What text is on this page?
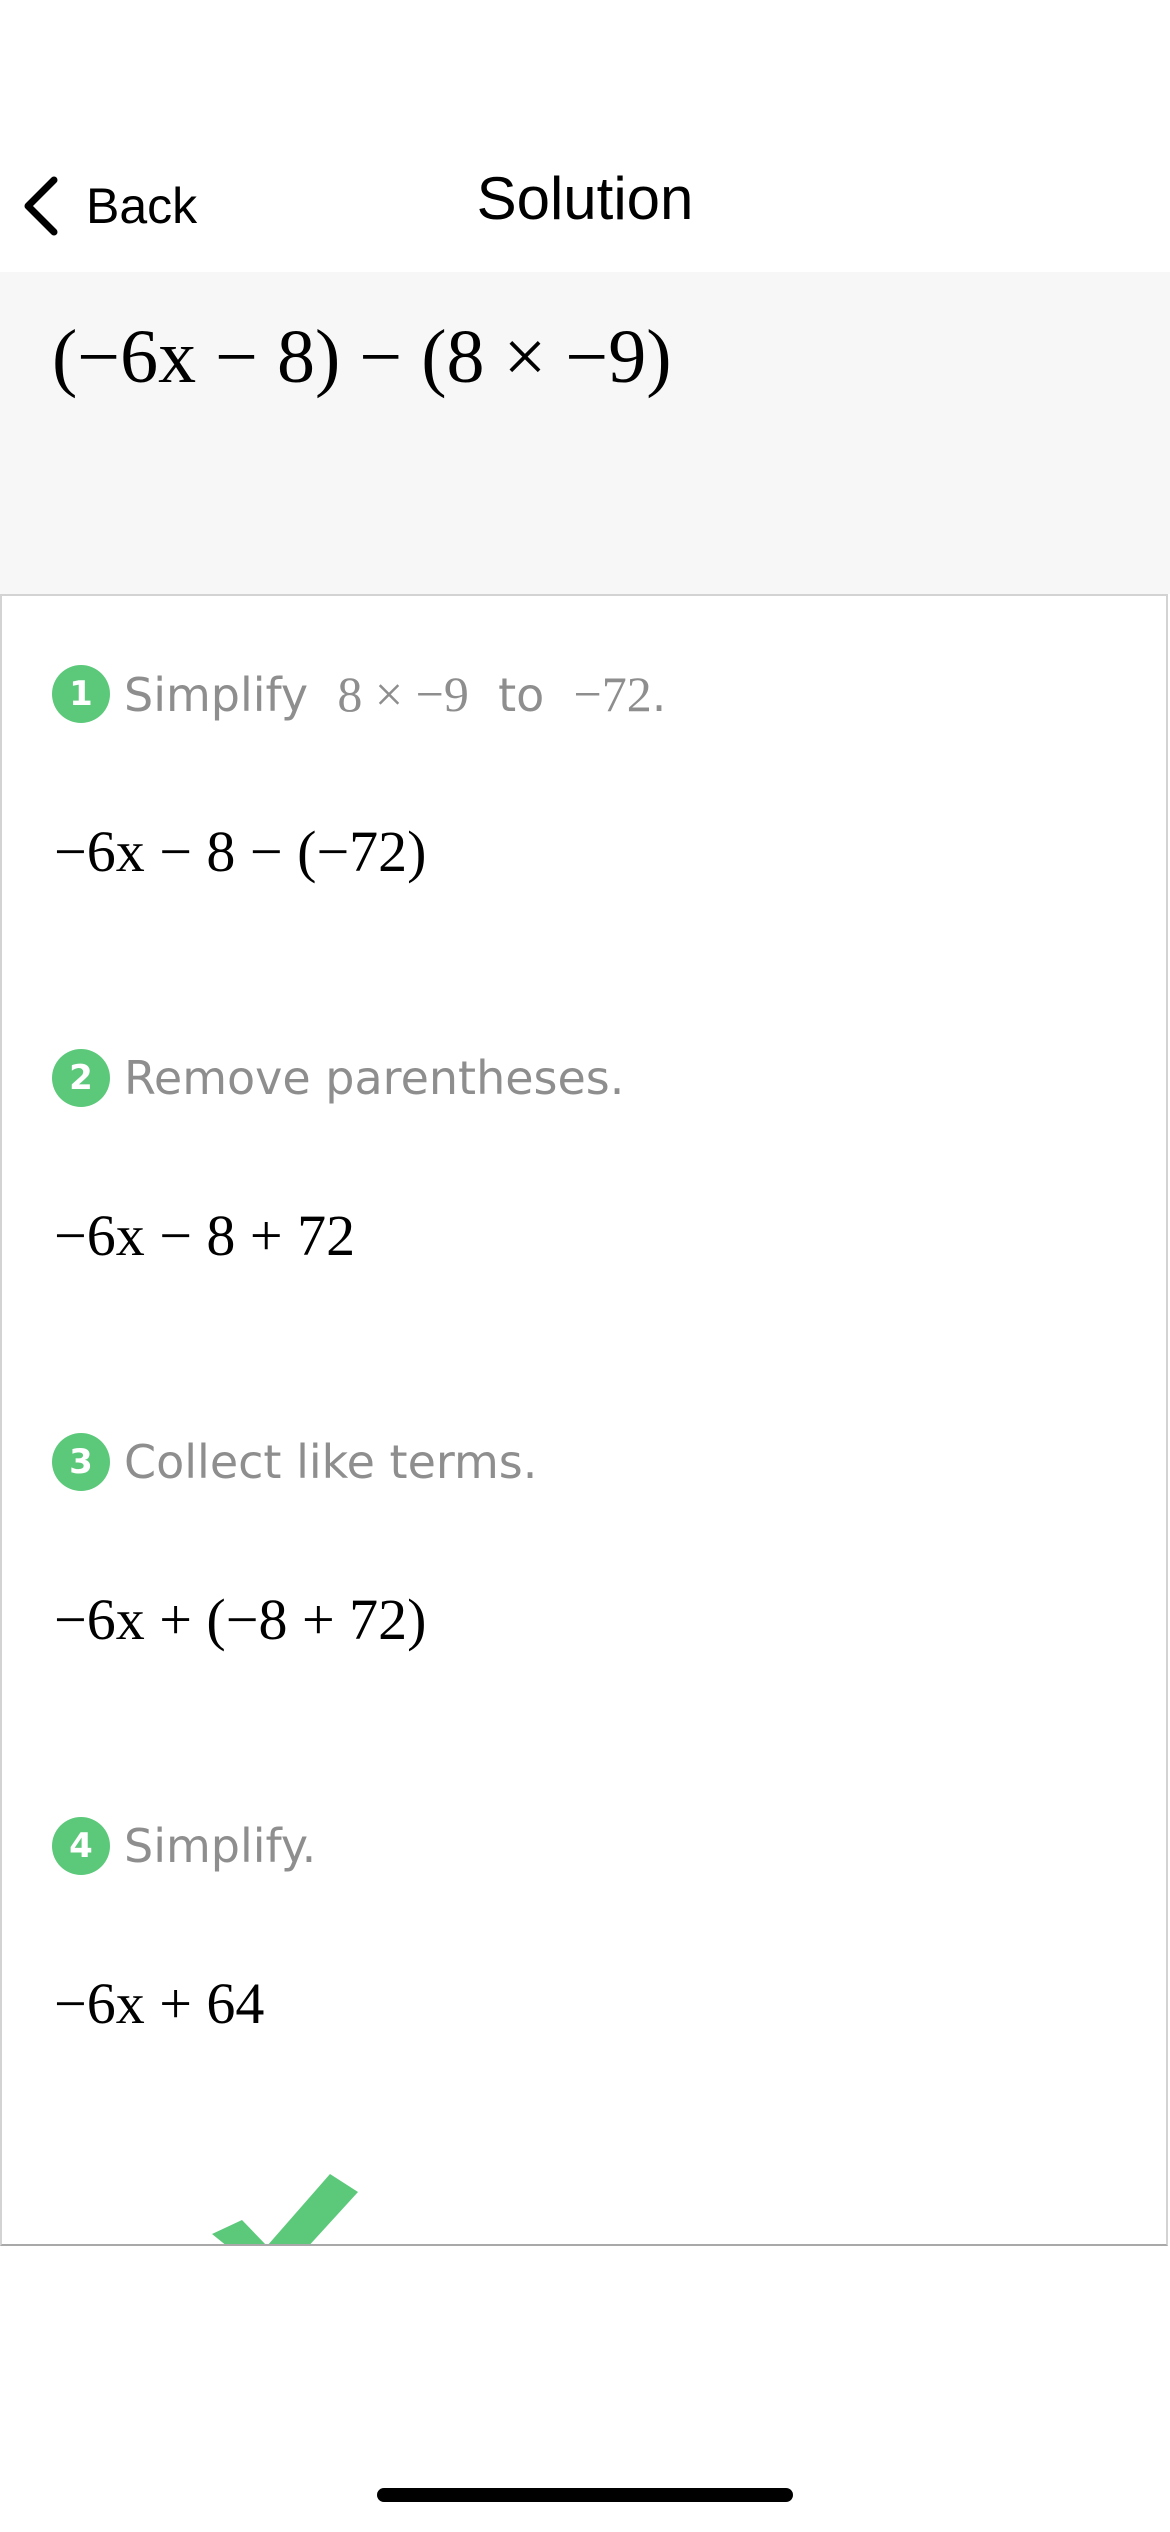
Back	Solution
(−6x − 8) − (8 × −9)
1 Simplify 8 × −9 to −72.
−6x − 8 − (−72)
2 Remove parentheses.
−6x − 8 + 72
3 Collect like terms.
−6x + (−8 + 72)
4 Simplify.
−6x + 64
